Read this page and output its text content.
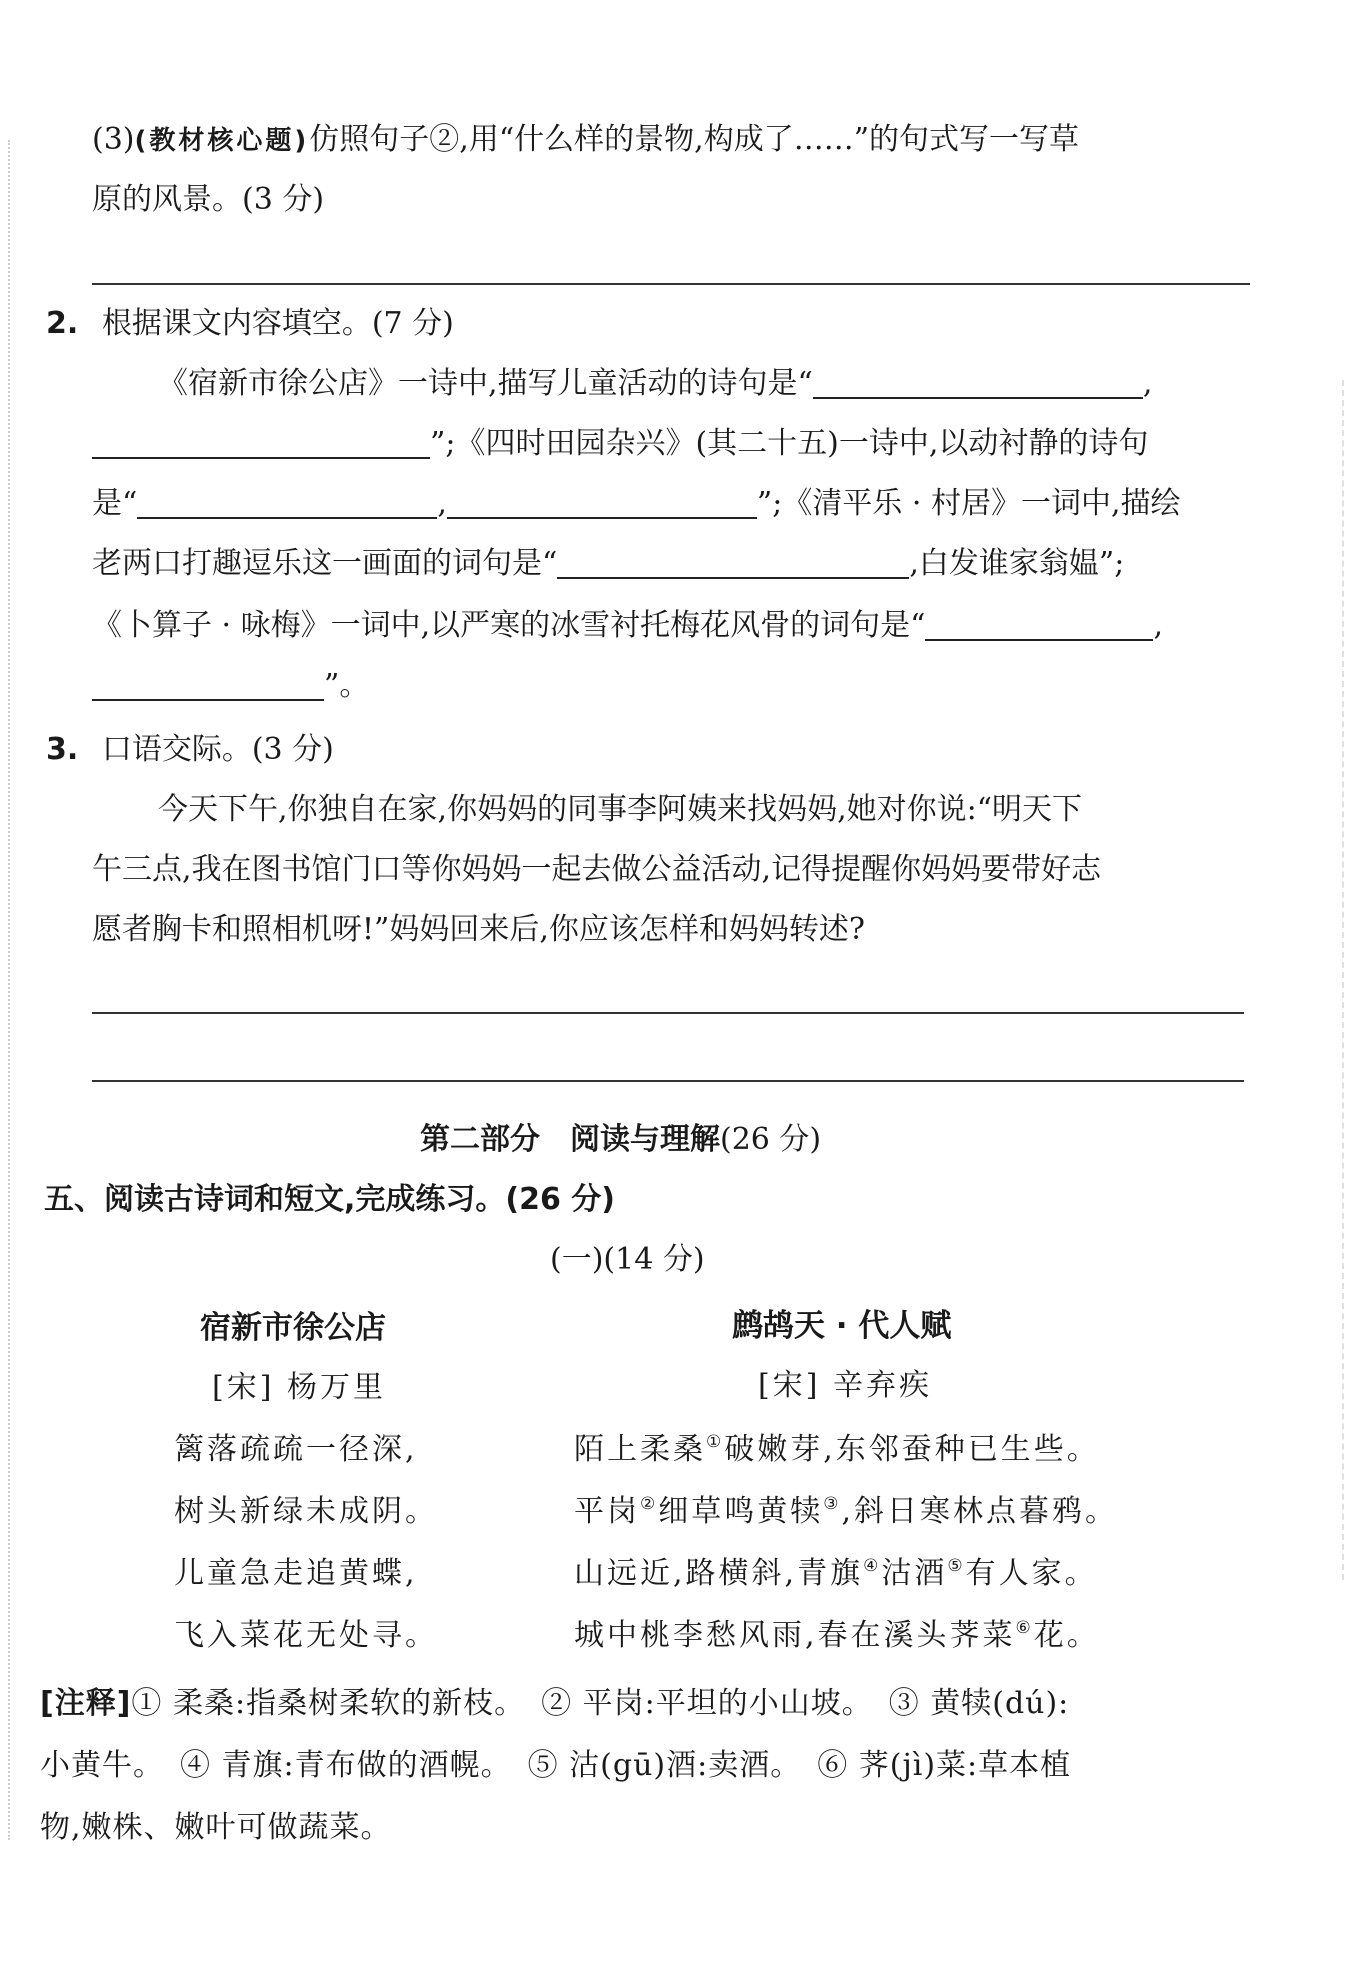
(3)(教材核心题)仿照句子②,用“什么样的景物,构成了……”的句式写一写草
原的风景。(3 分)
2. 根据课文内容填空。(7 分)
《宿新市徐公店》一诗中,描写儿童活动的诗句是“	,
”;《四时田园杂兴》(其二十五)一诗中,以动衬静的诗句
是“	,	”;《清平乐 · 村居》一词中,描绘
老两口打趣逗乐这一画面的词句是“	,白发谁家翁媪”;
《卜算子 · 咏梅》一词中,以严寒的冰雪衬托梅花风骨的词句是“	,
”。
3. 口语交际。(3 分)
今天下午,你独自在家,你妈妈的同事李阿姨来找妈妈,她对你说:“明天下
午三点,我在图书馆门口等你妈妈一起去做公益活动,记得提醒你妈妈要带好志
愿者胸卡和照相机呀!”妈妈回来后,你应该怎样和妈妈转述?
第二部分　阅读与理解(26 分)
五、阅读古诗词和短文,完成练习。(26 分)
(一)(14 分)
宿新市徐公店
[宋] 杨万里
篱落疏疏一径深,
树头新绿未成阴。
儿童急走追黄蝶,
飞入菜花无处寻。
鹧鸪天 · 代人赋
[宋] 辛弃疾
陌上柔桑①破嫩芽,东邻蚕种已生些。
平岗②细草鸣黄犊③,斜日寒林点暮鸦。
山远近,路横斜,青旗④沽酒⑤有人家。
城中桃李愁风雨,春在溪头荠菜⑥花。
[注释]① 柔桑:指桑树柔软的新枝。　② 平岗:平坦的小山坡。　③ 黄犊(dú):
小黄牛。　④ 青旗:青布做的酒幌。　⑤ 沽(gū)酒:卖酒。　⑥ 荠(jì)菜:草本植
物,嫩株、嫩叶可做蔬菜。
